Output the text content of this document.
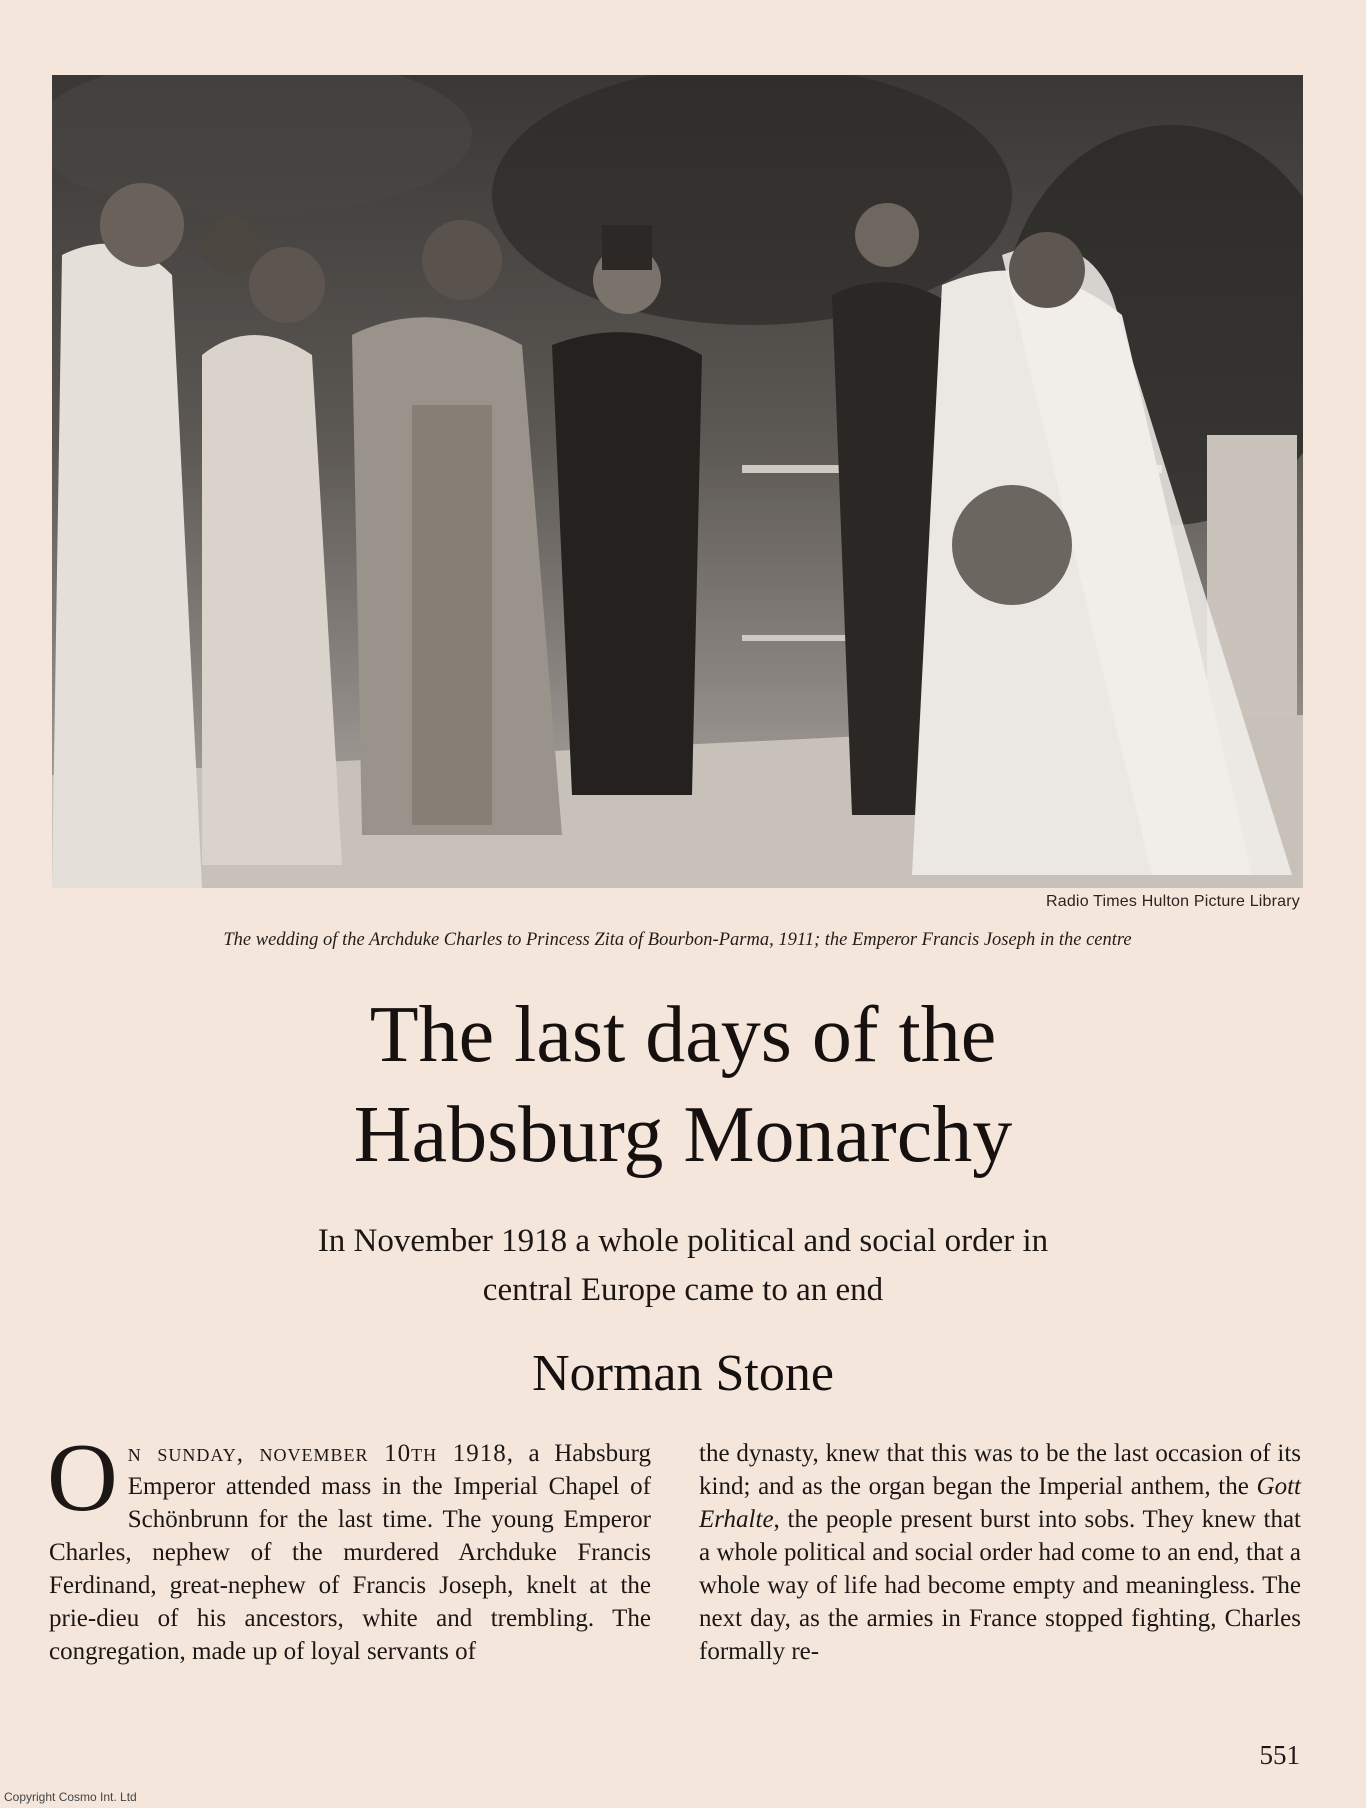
Radio Times Hulton Picture Library
The wedding of the Archduke Charles to Princess Zita of Bourbon-Parma, 1911; the Emperor Francis Joseph in the centre
The last days of the
Habsburg Monarchy
In November 1918 a whole political and social order in
central Europe came to an end
Norman Stone

On sunday, november 10th 1918, a Habsburg Emperor attended mass in the Imperial Chapel of Schönbrunn for the last time. The young Emperor Charles, nephew of the murdered Archduke Francis Ferdinand, great-nephew of Francis Joseph, knelt at the prie-dieu of his ancestors, white and trembling. The congregation, made up of loyal servants of

the dynasty, knew that this was to be the last occasion of its kind; and as the organ began the Imperial anthem, the Gott Erhalte, the people present burst into sobs. They knew that a whole political and social order had come to an end, that a whole way of life had become empty and meaningless. The next day, as the armies in France stopped fighting, Charles formally re-

551
Copyright Cosmo Int. Ltd
